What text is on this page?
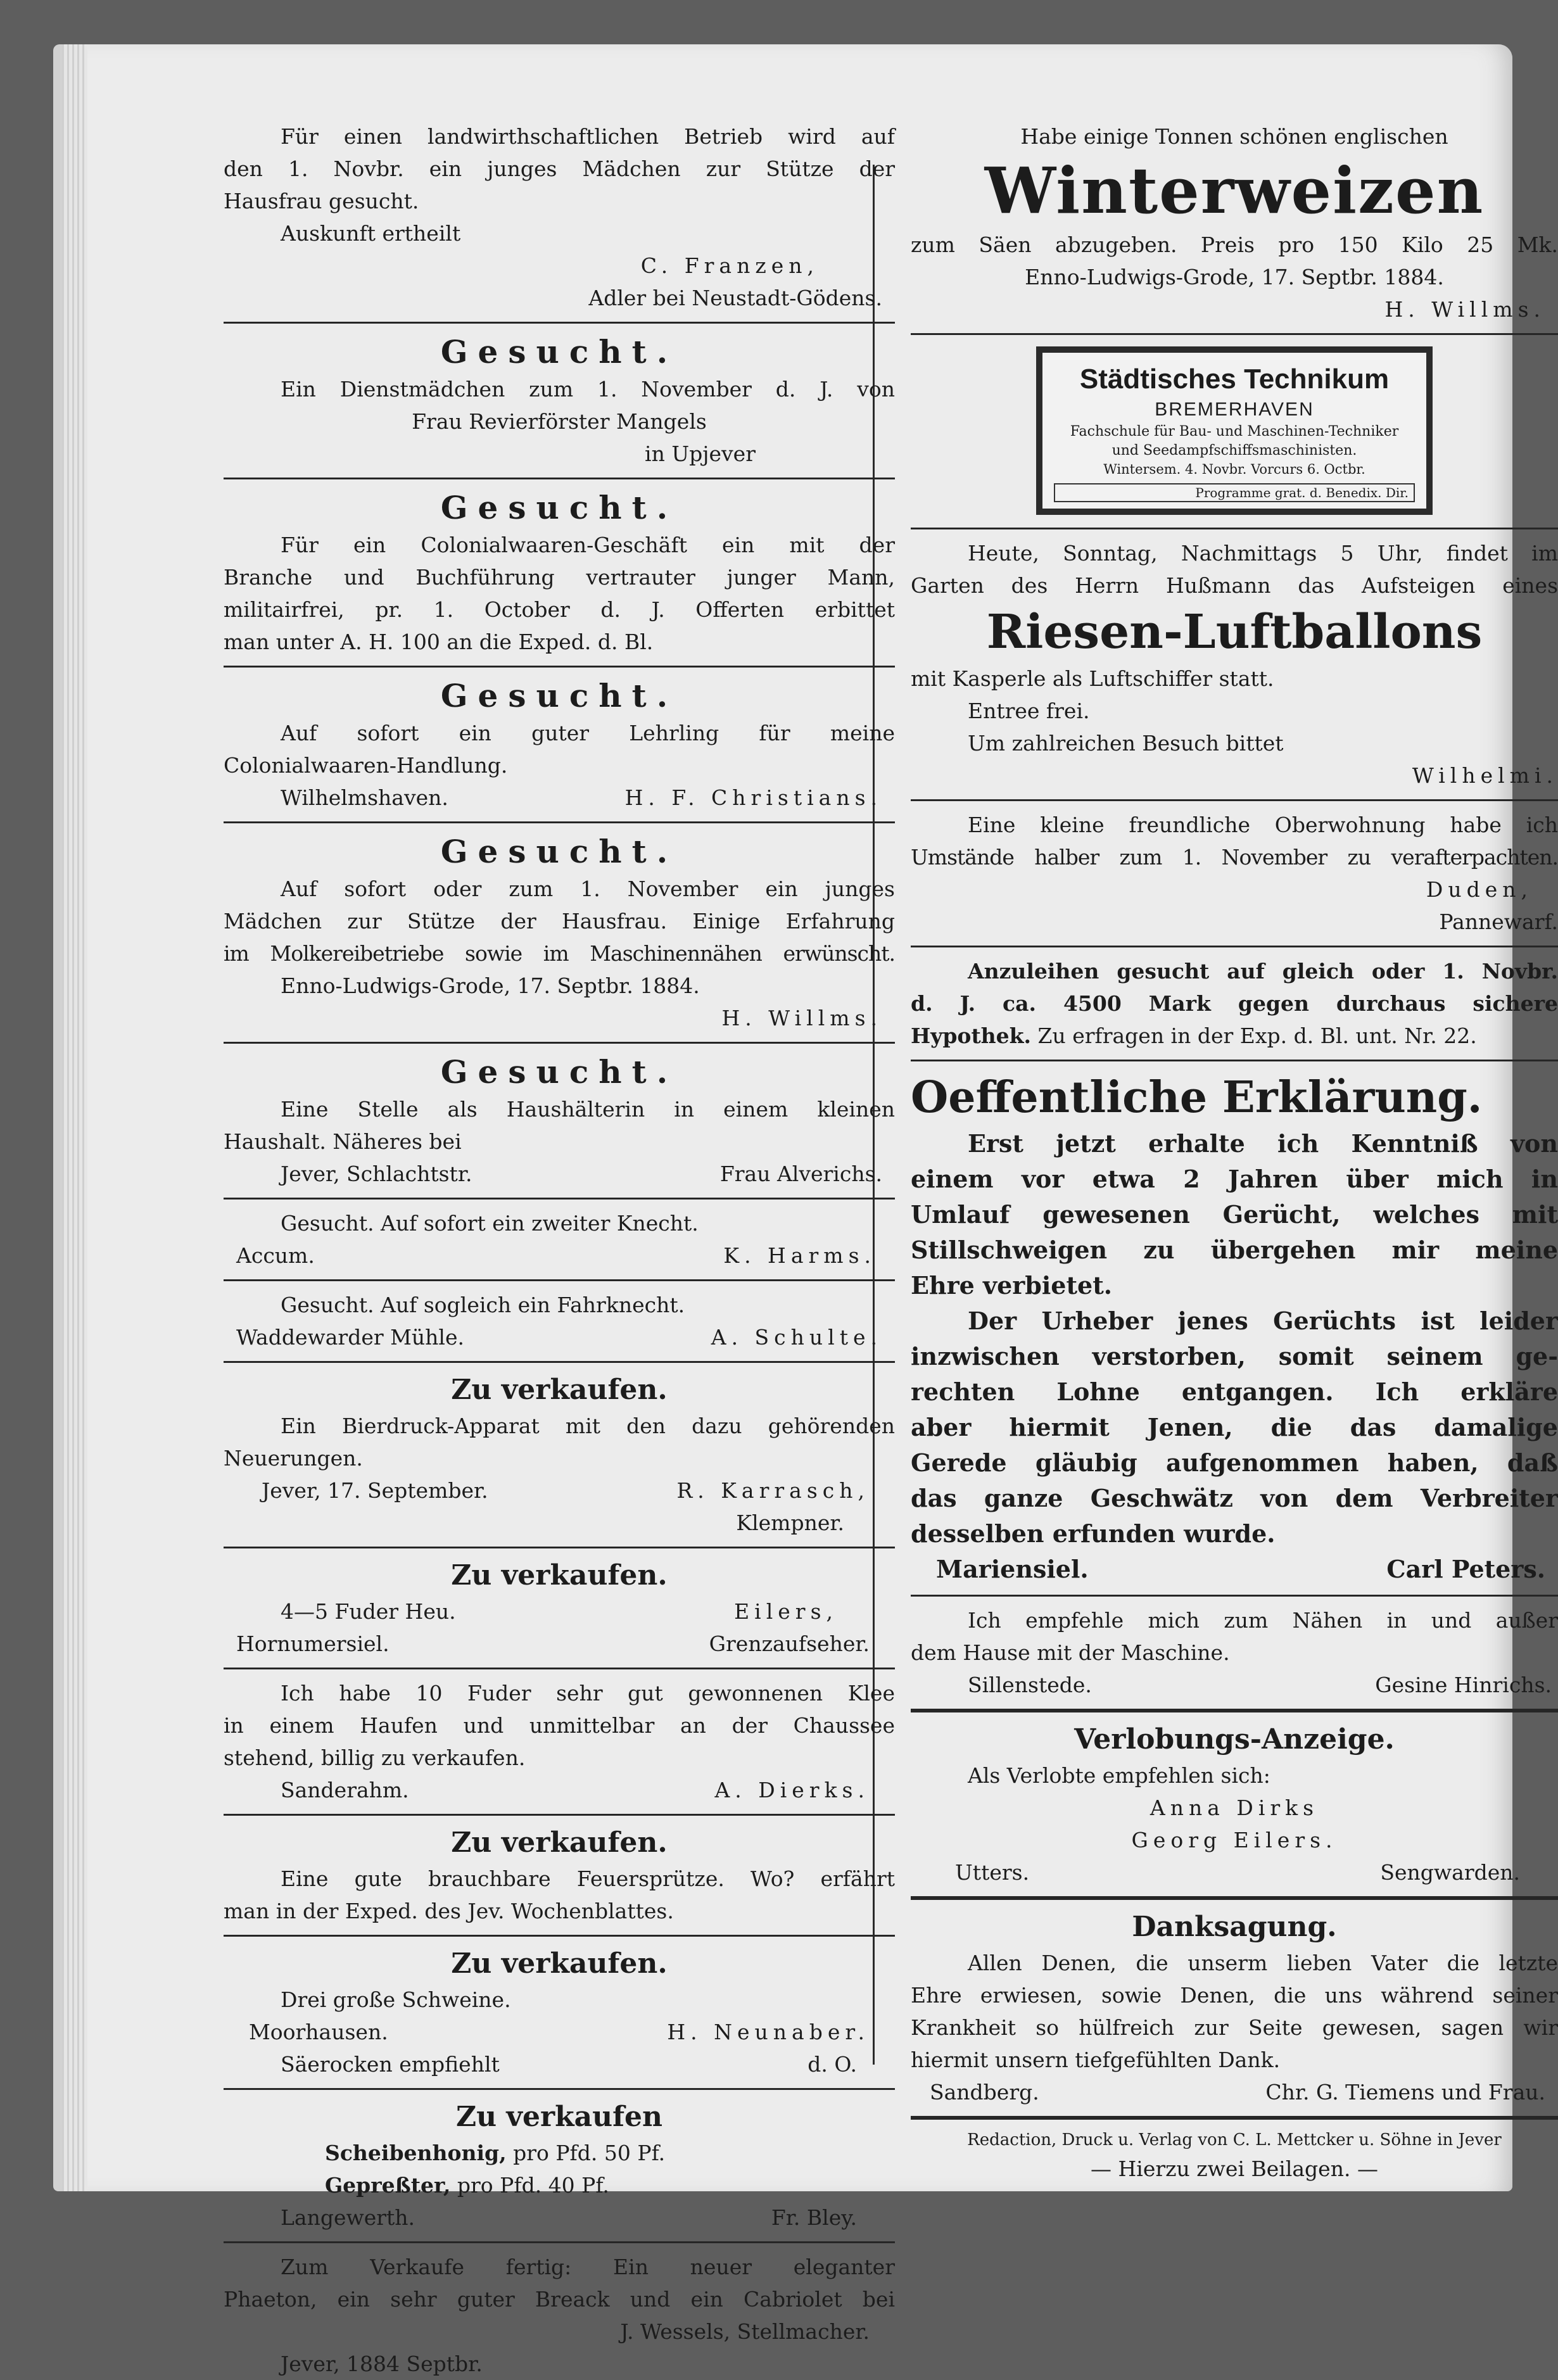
Für einen landwirthschaftlichen Betrieb wird auf

den 1. Novbr. ein junges Mädchen zur Stütze der

Hausfrau gesucht.

Auskunft ertheilt

C. Franzen,

Adler bei Neustadt-Gödens.

Gesucht.

Ein Dienstmädchen zum 1. November d. J. von

Frau Revierförster Mangels

in Upjever

Gesucht.

Für ein Colonialwaaren-Geschäft ein mit der

Branche und Buchführung vertrauter junger Mann,

militairfrei, pr. 1. October d. J. Offerten erbittet

man unter A. H. 100 an die Exped. d. Bl.

Gesucht.

Auf sofort ein guter Lehrling für meine

Colonialwaaren-Handlung.

Wilhelmshaven.	H. F. Christians.
Gesucht.

Auf sofort oder zum 1. November ein junges

Mädchen zur Stütze der Hausfrau. Einige Erfahrung

im Molkereibetriebe sowie im Maschinennähen erwünscht.

Enno-Ludwigs-Grode, 17. Septbr. 1884.

H. Willms.

Gesucht.

Eine Stelle als Haushälterin in einem kleinen

Haushalt. Näheres bei

Jever, Schlachtstr.	Frau Alverichs.

Gesucht. Auf sofort ein zweiter Knecht.

Accum.	K. Harms.

Gesucht. Auf sogleich ein Fahrknecht.

Waddewarder Mühle.	A. Schulte.
Zu verkaufen.

Ein Bierdruck-Apparat mit den dazu gehörenden

Neuerungen.

Jever, 17. September.	R. Karrasch,

Klempner.

Zu verkaufen.
4—5 Fuder Heu.	Eilers,
Hornumersiel.	Grenzaufseher.

Ich habe 10 Fuder sehr gut gewonnenen Klee

in einem Haufen und unmittelbar an der Chaussee

stehend, billig zu verkaufen.

Sanderahm.	A. Dierks.
Zu verkaufen.

Eine gute brauchbare Feuersprütze. Wo? erfährt

man in der Exped. des Jev. Wochenblattes.

Zu verkaufen.

Drei große Schweine.

Moorhausen.	H. Neunaber.
Säerocken empfiehlt	d. O.
Zu verkaufen

Scheibenhonig, pro Pfd. 50 Pf.

Gepreßter, pro Pfd. 40 Pf.

Langewerth.	Fr. Bley.

Zum Verkaufe fertig: Ein neuer eleganter

Phaeton, ein sehr guter Breack und ein Cabriolet bei

J. Wessels, Stellmacher.

Jever, 1884 Septbr.

Habe einige Tonnen schönen englischen

Winterweizen

zum Säen abzugeben. Preis pro 150 Kilo 25 Mk.

Enno-Ludwigs-Grode, 17. Septbr. 1884.

H. Willms.

Städtisches Technikum
BREMERHAVEN
Fachschule für Bau- und Maschinen-Techniker
und Seedampfschiffsmaschinisten.
Wintersem. 4. Novbr. Vorcurs 6. Octbr.
Programme grat. d. Benedix. Dir.

Heute, Sonntag, Nachmittags 5 Uhr, findet im

Garten des Herrn Hußmann das Aufsteigen eines

Riesen-Luftballons

mit Kasperle als Luftschiffer statt.

Entree frei.

Um zahlreichen Besuch bittet

Wilhelmi.

Eine kleine freundliche Oberwohnung habe ich

Umstände halber zum 1. November zu verafterpachten.

Duden,

Pannewarf.

Anzuleihen gesucht auf gleich oder 1. Novbr.

d. J. ca. 4500 Mark gegen durchaus sichere

Hypothek. Zu erfragen in der Exp. d. Bl. unt. Nr. 22.

Oeffentliche Erklärung.

Erst jetzt erhalte ich Kenntniß von

einem vor etwa 2 Jahren über mich in

Umlauf gewesenen Gerücht, welches mit

Stillschweigen zu übergehen mir meine

Ehre verbietet.

Der Urheber jenes Gerüchts ist leider

inzwischen verstorben, somit seinem ge-

rechten Lohne entgangen. Ich erkläre

aber hiermit Jenen, die das damalige

Gerede gläubig aufgenommen haben, daß

das ganze Geschwätz von dem Verbreiter

desselben erfunden wurde.

Mariensiel.	Carl Peters.

Ich empfehle mich zum Nähen in und außer

dem Hause mit der Maschine.

Sillenstede.	Gesine Hinrichs.
Verlobungs-Anzeige.

Als Verlobte empfehlen sich:

Anna Dirks

Georg Eilers.

Utters.	Sengwarden.
Danksagung.

Allen Denen, die unserm lieben Vater die letzte

Ehre erwiesen, sowie Denen, die uns während seiner

Krankheit so hülfreich zur Seite gewesen, sagen wir

hiermit unsern tiefgefühlten Dank.

Sandberg.	Chr. G. Tiemens und Frau.

Redaction, Druck u. Verlag von C. L. Mettcker u. Söhne in Jever

— Hierzu zwei Beilagen. —
